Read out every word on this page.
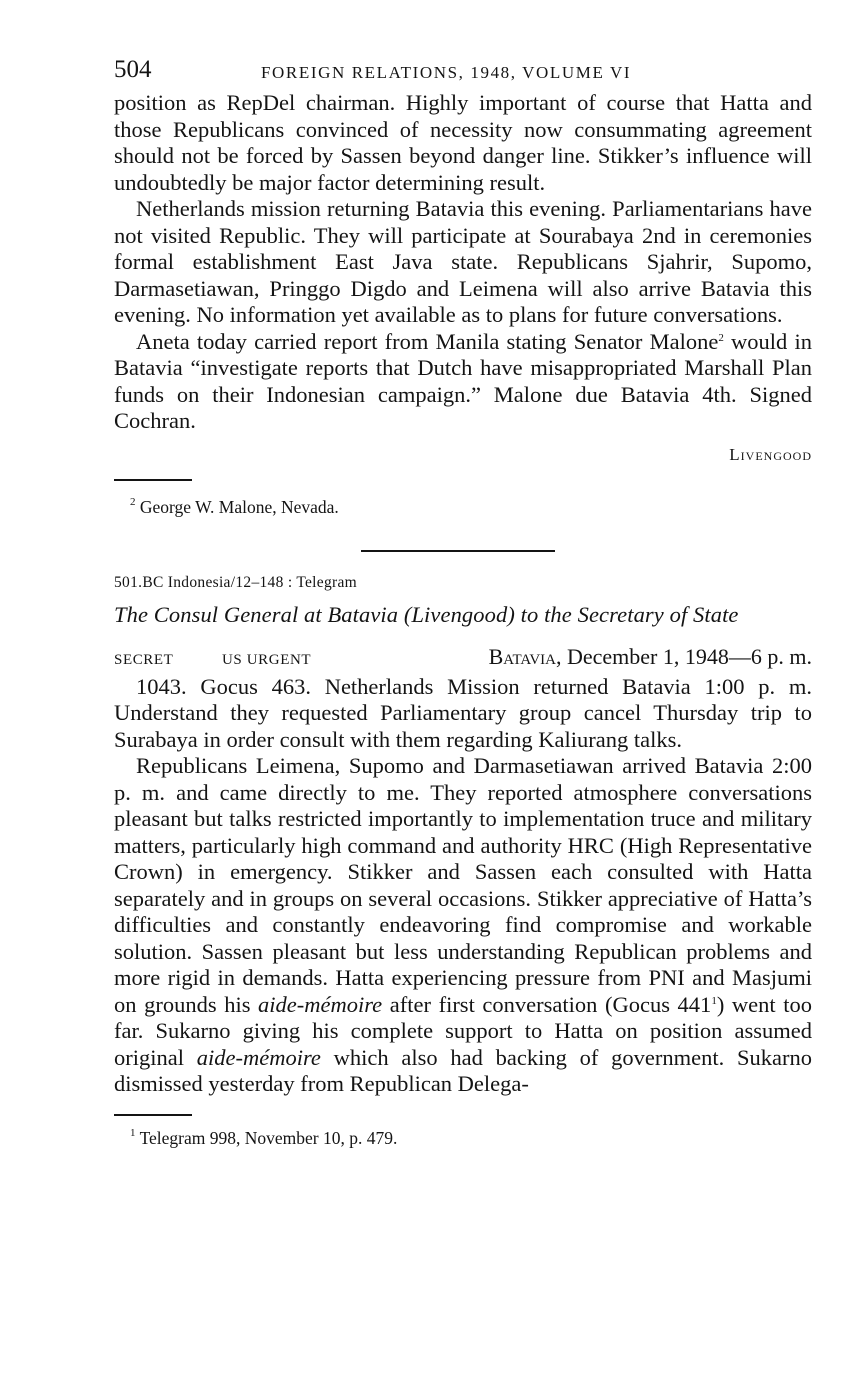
504	FOREIGN RELATIONS, 1948, VOLUME VI

position as RepDel chairman. Highly important of course that Hatta and those Republicans convinced of necessity now consummating agreement should not be forced by Sassen beyond danger line. Stikker’s influence will undoubtedly be major factor determining result.

Netherlands mission returning Batavia this evening. Parliamentarians have not visited Republic. They will participate at Sourabaya 2nd in ceremonies formal establishment East Java state. Republicans Sjahrir, Supomo, Darmasetiawan, Pringgo Digdo and Leimena will also arrive Batavia this evening. No information yet available as to plans for future conversations.

Aneta today carried report from Manila stating Senator Malone$^2$ would in Batavia “investigate reports that Dutch have misappropriated Marshall Plan funds on their Indonesian campaign.” Malone due Batavia 4th. Signed Cochran.

Livengood
$^2$ George W. Malone, Nevada.
501.BC Indonesia/12–148 : Telegram
The Consul General at Batavia (Livengood) to the Secretary of State
SECRET	US URGENT	Batavia, December 1, 1948—6 p. m.

1043. Gocus 463. Netherlands Mission returned Batavia 1:00 p. m. Understand they requested Parliamentary group cancel Thursday trip to Surabaya in order consult with them regarding Kaliurang talks.

Republicans Leimena, Supomo and Darmasetiawan arrived Batavia 2:00 p. m. and came directly to me. They reported atmosphere conversations pleasant but talks restricted importantly to implementation truce and military matters, particularly high command and authority HRC (High Representative Crown) in emergency. Stikker and Sassen each consulted with Hatta separately and in groups on several occasions. Stikker appreciative of Hatta’s difficulties and constantly endeavoring find compromise and workable solution. Sassen pleasant but less understanding Republican problems and more rigid in demands. Hatta experiencing pressure from PNI and Masjumi on grounds his aide-mémoire after first conversation (Gocus $441^1$) went too far. Sukarno giving his complete support to Hatta on position assumed original aide-mémoire which also had backing of government. Sukarno dismissed yesterday from Republican Delega-

$^1$ Telegram 998, November 10, p. 479.
